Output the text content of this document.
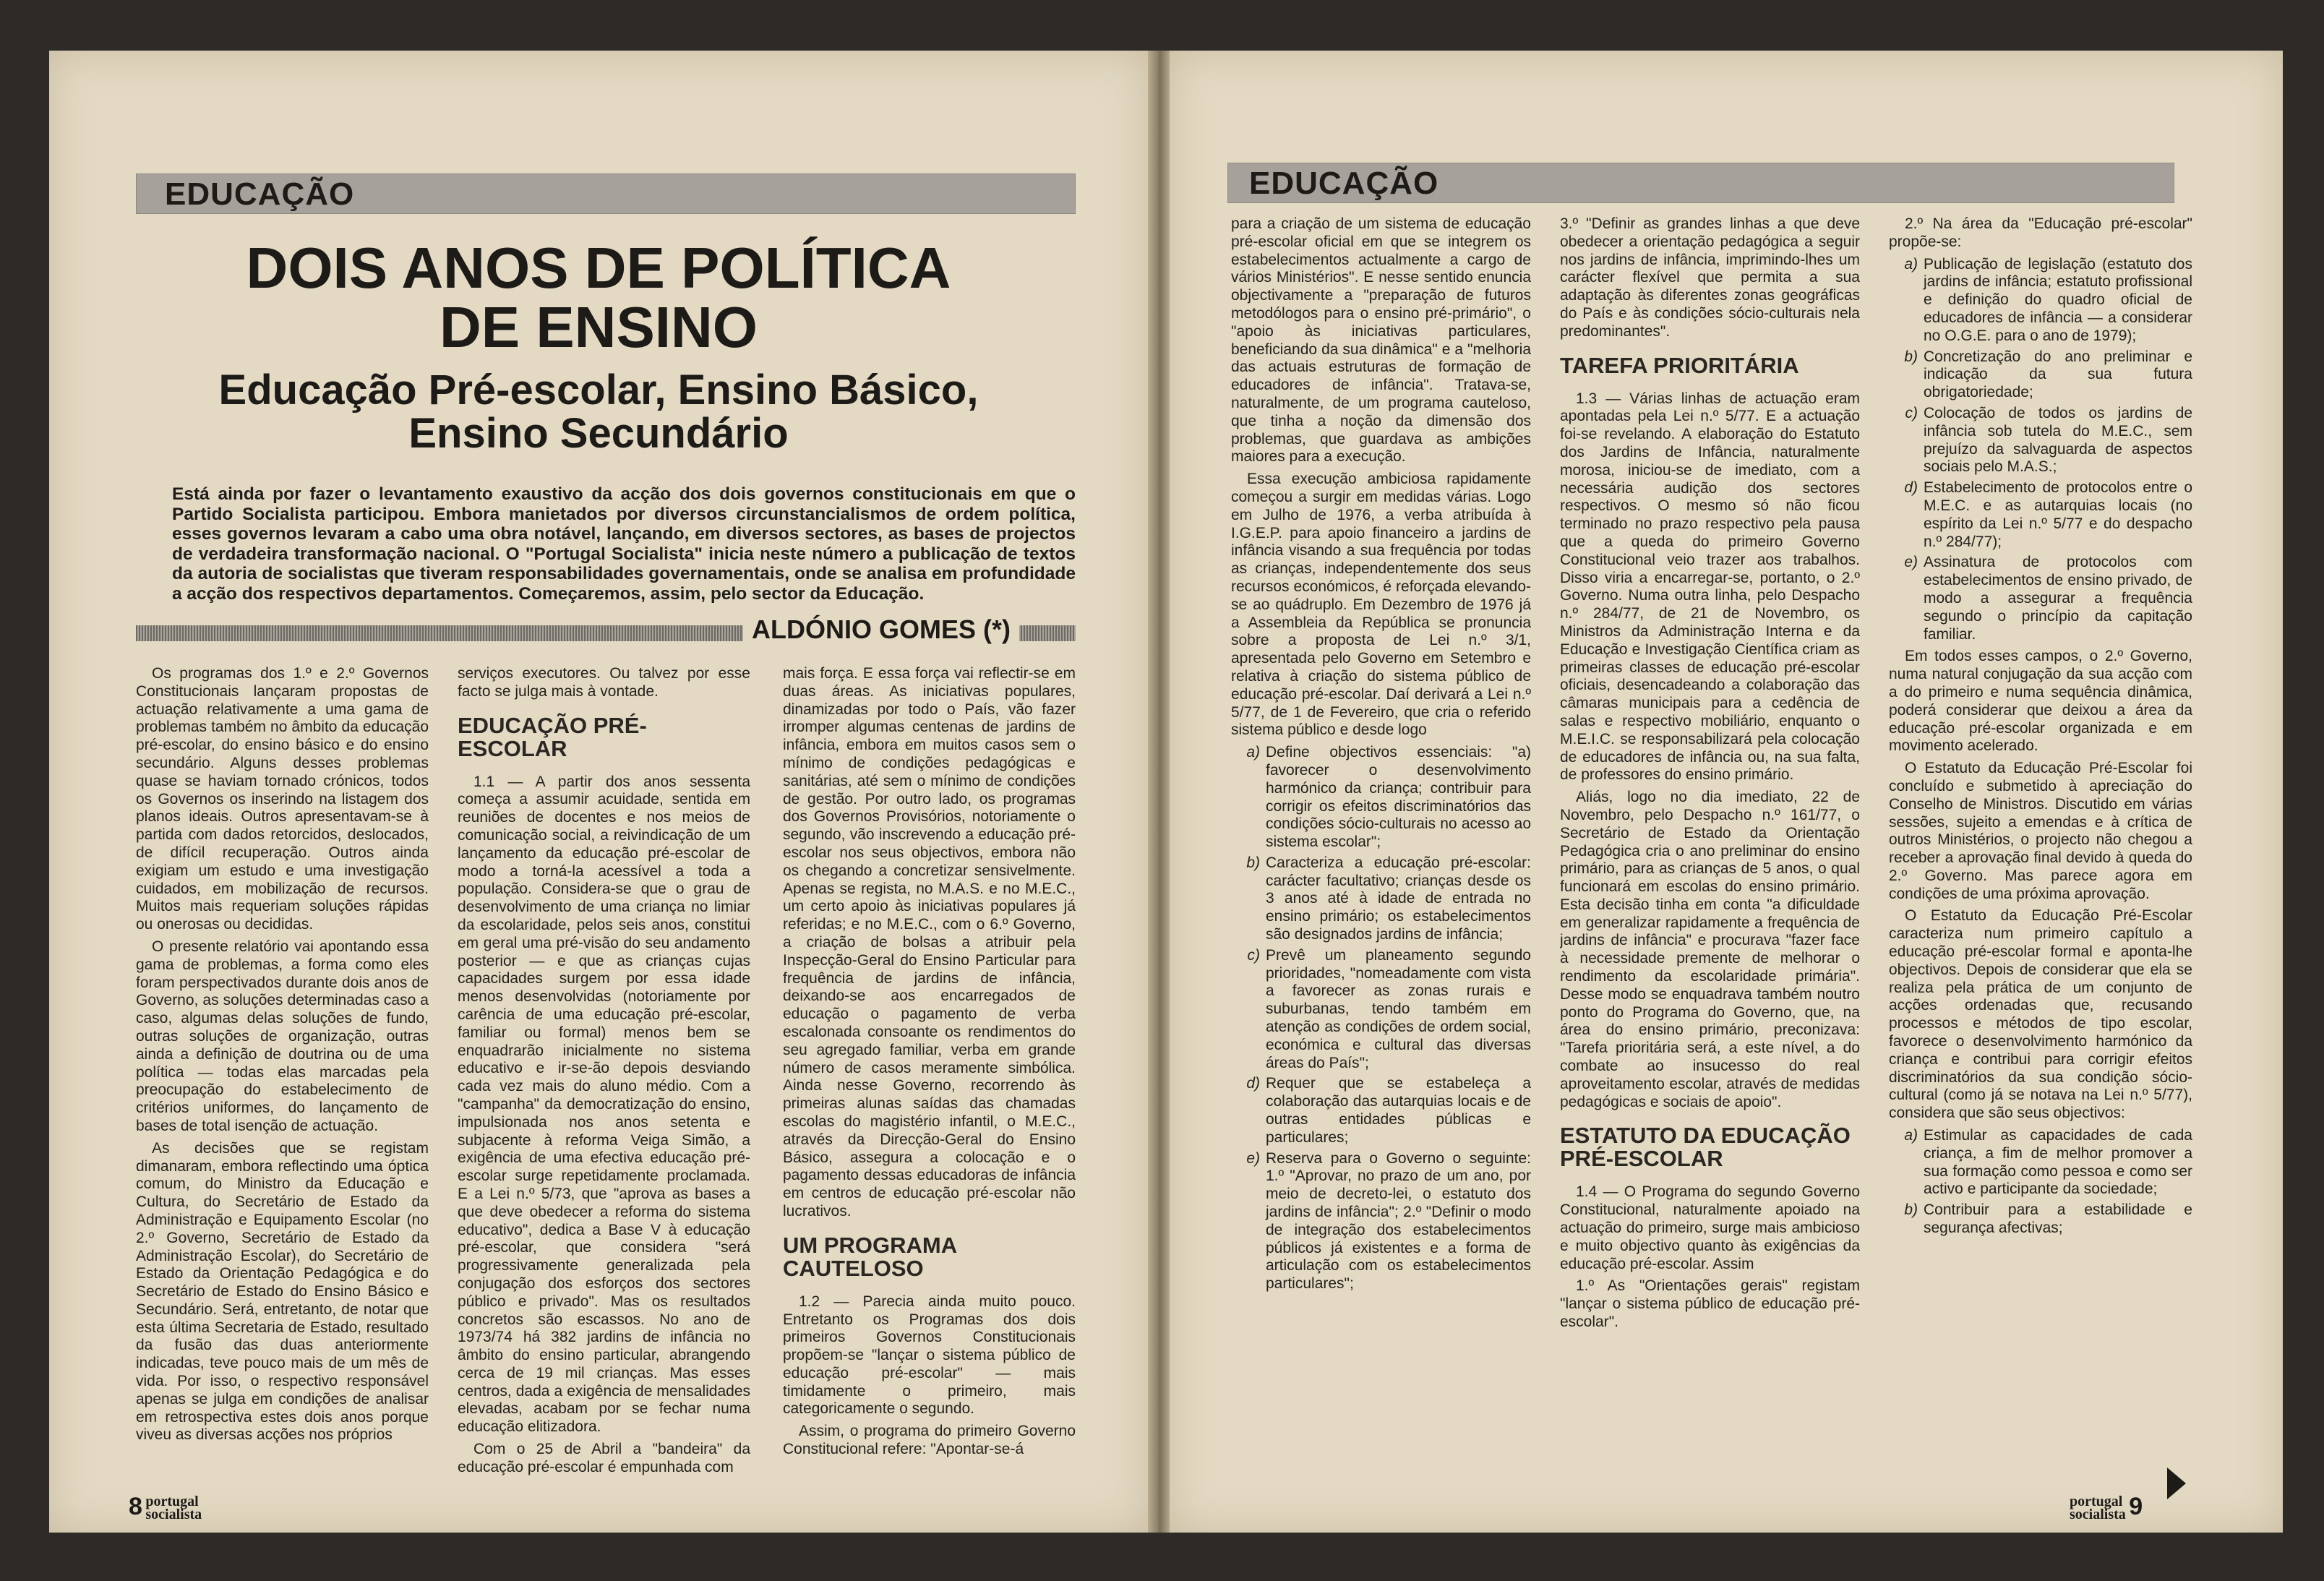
EDUCAÇÃO
DOIS ANOS DE POLÍTICA
DE ENSINO
Educação Pré-escolar, Ensino Básico,
Ensino Secundário
Está ainda por fazer o levantamento exaustivo da acção dos dois governos constitucionais em que o Partido Socialista participou. Embora manietados por diversos circunstancialismos de ordem política, esses governos levaram a cabo uma obra notável, lançando, em diversos sectores, as bases de projectos de verdadeira transformação nacional. O "Portugal Socialista" inicia neste número a publicação de textos da autoria de socialistas que tiveram responsabilidades governamentais, onde se analisa em profundidade a acção dos respectivos departamentos. Começaremos, assim, pelo sector da Educação.
ALDÓNIO GOMES (*)

Os programas dos 1.º e 2.º Governos Constitucionais lançaram propostas de actuação relativamente a uma gama de problemas também no âmbito da educação pré-escolar, do ensino básico e do ensino secundário. Alguns desses problemas quase se haviam tornado crónicos, todos os Governos os inserindo na listagem dos planos ideais. Outros apresentavam-se à partida com dados retorcidos, deslocados, de difícil recuperação. Outros ainda exigiam um estudo e uma investigação cuidados, em mobilização de recursos. Muitos mais requeriam soluções rápidas ou onerosas ou decididas.

O presente relatório vai apontando essa gama de problemas, a forma como eles foram perspectivados durante dois anos de Governo, as soluções determinadas caso a caso, algumas delas soluções de fundo, outras soluções de organização, outras ainda a definição de doutrina ou de uma política — todas elas marcadas pela preocupação do estabelecimento de critérios uniformes, do lançamento de bases de total isenção de actuação.

As decisões que se registam dimanaram, embora reflectindo uma óptica comum, do Ministro da Educação e Cultura, do Secretário de Estado da Administração e Equipamento Escolar (no 2.º Governo, Secretário de Estado da Administração Escolar), do Secretário de Estado da Orientação Pedagógica e do Secretário de Estado do Ensino Básico e Secundário. Será, entretanto, de notar que esta última Secretaria de Estado, resultado da fusão das duas anteriormente indicadas, teve pouco mais de um mês de vida. Por isso, o respectivo responsável apenas se julga em condições de analisar em retrospectiva estes dois anos porque viveu as diversas acções nos próprios

serviços executores. Ou talvez por esse facto se julga mais à vontade.

EDUCAÇÃO PRÉ-ESCOLAR

1.1 — A partir dos anos sessenta começa a assumir acuidade, sentida em reuniões de docentes e nos meios de comunicação social, a reivindicação de um lançamento da educação pré-escolar de modo a torná-la acessível a toda a população. Considera-se que o grau de desenvolvimento de uma criança no limiar da escolaridade, pelos seis anos, constitui em geral uma pré-visão do seu andamento posterior — e que as crianças cujas capacidades surgem por essa idade menos desenvolvidas (notoriamente por carência de uma educação pré-escolar, familiar ou formal) menos bem se enquadrarão inicialmente no sistema educativo e ir-se-ão depois desviando cada vez mais do aluno médio. Com a "campanha" da democratização do ensino, impulsionada nos anos setenta e subjacente à reforma Veiga Simão, a exigência de uma efectiva educação pré-escolar surge repetidamente proclamada. E a Lei n.º 5/73, que "aprova as bases a que deve obedecer a reforma do sistema educativo", dedica a Base V à educação pré-escolar, que considera "será progressivamente generalizada pela conjugação dos esforços dos sectores público e privado". Mas os resultados concretos são escassos. No ano de 1973/74 há 382 jardins de infância no âmbito do ensino particular, abrangendo cerca de 19 mil crianças. Mas esses centros, dada a exigência de mensalidades elevadas, acabam por se fechar numa educação elitizadora.

Com o 25 de Abril a "bandeira" da educação pré-escolar é empunhada com

mais força. E essa força vai reflectir-se em duas áreas. As iniciativas populares, dinamizadas por todo o País, vão fazer irromper algumas centenas de jardins de infância, embora em muitos casos sem o mínimo de condições pedagógicas e sanitárias, até sem o mínimo de condições de gestão. Por outro lado, os programas dos Governos Provisórios, notoriamente o segundo, vão inscrevendo a educação pré-escolar nos seus objectivos, embora não os chegando a concretizar sensivelmente. Apenas se regista, no M.A.S. e no M.E.C., um certo apoio às iniciativas populares já referidas; e no M.E.C., com o 6.º Governo, a criação de bolsas a atribuir pela Inspecção-Geral do Ensino Particular para frequência de jardins de infância, deixando-se aos encarregados de educação o pagamento de verba escalonada consoante os rendimentos do seu agregado familiar, verba em grande número de casos meramente simbólica. Ainda nesse Governo, recorrendo às primeiras alunas saídas das chamadas escolas do magistério infantil, o M.E.C., através da Direcção-Geral do Ensino Básico, assegura a colocação e o pagamento dessas educadoras de infância em centros de educação pré-escolar não lucrativos.

UM PROGRAMA CAUTELOSO

1.2 — Parecia ainda muito pouco. Entretanto os Programas dos dois primeiros Governos Constitucionais propõem-se "lançar o sistema público de educação pré-escolar" — mais timidamente o primeiro, mais categoricamente o segundo.

Assim, o programa do primeiro Governo Constitucional refere: "Apontar-se-á

8 portugal
socialista
EDUCAÇÃO

para a criação de um sistema de educação pré-escolar oficial em que se integrem os estabelecimentos actualmente a cargo de vários Ministérios". E nesse sentido enuncia objectivamente a "preparação de futuros metodólogos para o ensino pré-primário", o "apoio às iniciativas particulares, beneficiando da sua dinâmica" e a "melhoria das actuais estruturas de formação de educadores de infância". Tratava-se, naturalmente, de um programa cauteloso, que tinha a noção da dimensão dos problemas, que guardava as ambições maiores para a execução.

Essa execução ambiciosa rapidamente começou a surgir em medidas várias. Logo em Julho de 1976, a verba atribuída à I.G.E.P. para apoio financeiro a jardins de infância visando a sua frequência por todas as crianças, independentemente dos seus recursos económicos, é reforçada elevando-se ao quádruplo. Em Dezembro de 1976 já a Assembleia da República se pronuncia sobre a proposta de Lei n.º 3/1, apresentada pelo Governo em Setembro e relativa à criação do sistema público de educação pré-escolar. Daí derivará a Lei n.º 5/77, de 1 de Fevereiro, que cria o referido sistema público e desde logo

a) Define objectivos essenciais: "a) favorecer o desenvolvimento harmónico da criança; contribuir para corrigir os efeitos discriminatórios das condições sócio-culturais no acesso ao sistema escolar";
b) Caracteriza a educação pré-escolar: carácter facultativo; crianças desde os 3 anos até à idade de entrada no ensino primário; os estabelecimentos são designados jardins de infância;
c) Prevê um planeamento segundo prioridades, "nomeadamente com vista a favorecer as zonas rurais e suburbanas, tendo também em atenção as condições de ordem social, económica e cultural das diversas áreas do País";
d) Requer que se estabeleça a colaboração das autarquias locais e de outras entidades públicas e particulares;
e) Reserva para o Governo o seguinte: 1.º "Aprovar, no prazo de um ano, por meio de decreto-lei, o estatuto dos jardins de infância"; 2.º "Definir o modo de integração dos estabelecimentos públicos já existentes e a forma de articulação com os estabelecimentos particulares";

3.º "Definir as grandes linhas a que deve obedecer a orientação pedagógica a seguir nos jardins de infância, imprimindo-lhes um carácter flexível que permita a sua adaptação às diferentes zonas geográficas do País e às condições sócio-culturais nela predominantes".

TAREFA PRIORITÁRIA

1.3 — Várias linhas de actuação eram apontadas pela Lei n.º 5/77. E a actuação foi-se revelando. A elaboração do Estatuto dos Jardins de Infância, naturalmente morosa, iniciou-se de imediato, com a necessária audição dos sectores respectivos. O mesmo só não ficou terminado no prazo respectivo pela pausa que a queda do primeiro Governo Constitucional veio trazer aos trabalhos. Disso viria a encarregar-se, portanto, o 2.º Governo. Numa outra linha, pelo Despacho n.º 284/77, de 21 de Novembro, os Ministros da Administração Interna e da Educação e Investigação Científica criam as primeiras classes de educação pré-escolar oficiais, desencadeando a colaboração das câmaras municipais para a cedência de salas e respectivo mobiliário, enquanto o M.E.I.C. se responsabilizará pela colocação de educadores de infância ou, na sua falta, de professores do ensino primário.

Aliás, logo no dia imediato, 22 de Novembro, pelo Despacho n.º 161/77, o Secretário de Estado da Orientação Pedagógica cria o ano preliminar do ensino primário, para as crianças de 5 anos, o qual funcionará em escolas do ensino primário. Esta decisão tinha em conta "a dificuldade em generalizar rapidamente a frequência de jardins de infância" e procurava "fazer face à necessidade premente de melhorar o rendimento da escolaridade primária". Desse modo se enquadrava também noutro ponto do Programa do Governo, que, na área do ensino primário, preconizava: "Tarefa prioritária será, a este nível, a do combate ao insucesso do real aproveitamento escolar, através de medidas pedagógicas e sociais de apoio".

ESTATUTO DA EDUCAÇÃO PRÉ-ESCOLAR

1.4 — O Programa do segundo Governo Constitucional, naturalmente apoiado na actuação do primeiro, surge mais ambicioso e muito objectivo quanto às exigências da educação pré-escolar. Assim

1.º As "Orientações gerais" registam "lançar o sistema público de educação pré-escolar".

2.º Na área da "Educação pré-escolar" propõe-se:

a) Publicação de legislação (estatuto dos jardins de infância; estatuto profissional e definição do quadro oficial de educadores de infância — a considerar no O.G.E. para o ano de 1979);
b) Concretização do ano preliminar e indicação da sua futura obrigatoriedade;
c) Colocação de todos os jardins de infância sob tutela do M.E.C., sem prejuízo da salvaguarda de aspectos sociais pelo M.A.S.;
d) Estabelecimento de protocolos entre o M.E.C. e as autarquias locais (no espírito da Lei n.º 5/77 e do despacho n.º 284/77);
e) Assinatura de protocolos com estabelecimentos de ensino privado, de modo a assegurar a frequência segundo o princípio da capitação familiar.

Em todos esses campos, o 2.º Governo, numa natural conjugação da sua acção com a do primeiro e numa sequência dinâmica, poderá considerar que deixou a área da educação pré-escolar organizada e em movimento acelerado.

O Estatuto da Educação Pré-Escolar foi concluído e submetido à apreciação do Conselho de Ministros. Discutido em várias sessões, sujeito a emendas e à crítica de outros Ministérios, o projecto não chegou a receber a aprovação final devido à queda do 2.º Governo. Mas parece agora em condições de uma próxima aprovação.

O Estatuto da Educação Pré-Escolar caracteriza num primeiro capítulo a educação pré-escolar formal e aponta-lhe objectivos. Depois de considerar que ela se realiza pela prática de um conjunto de acções ordenadas que, recusando processos e métodos de tipo escolar, favorece o desenvolvimento harmónico da criança e contribui para corrigir efeitos discriminatórios da sua condição sócio-cultural (como já se notava na Lei n.º 5/77), considera que são seus objectivos:

a) Estimular as capacidades de cada criança, a fim de melhor promover a sua formação como pessoa e como ser activo e participante da sociedade;
b) Contribuir para a estabilidade e segurança afectivas;
portugal
socialista 9
